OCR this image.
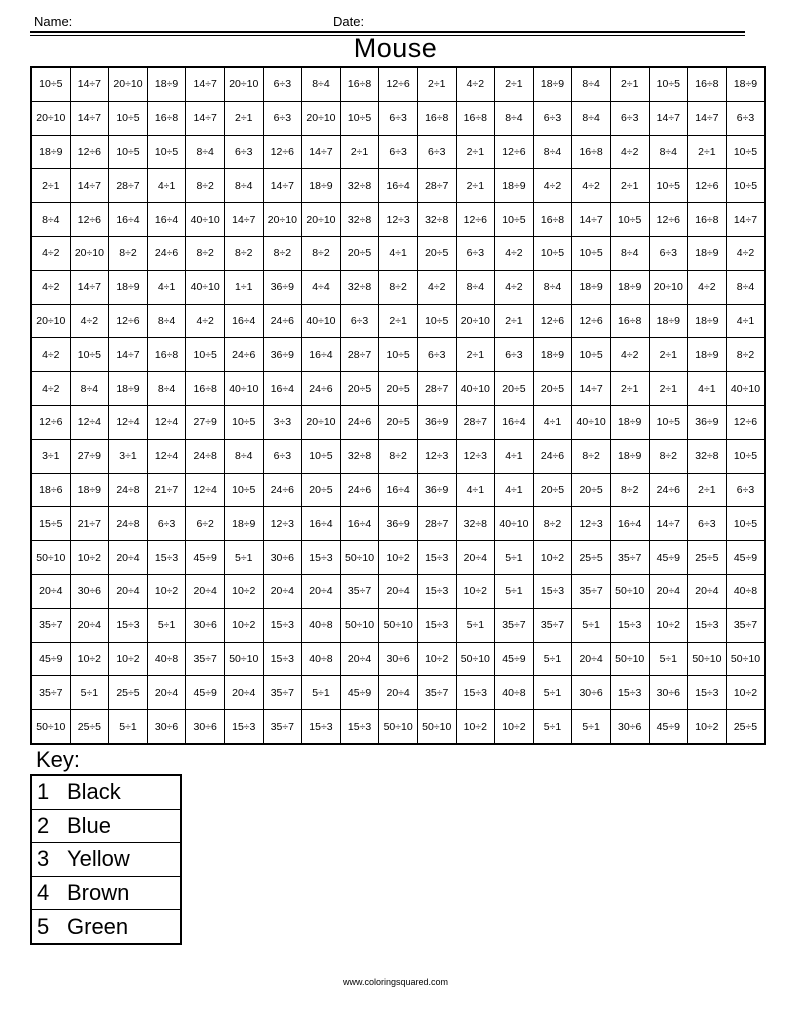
Name:	Date:
Mouse
10÷5	14÷7	20÷10	18÷9	14÷7	20÷10	6÷3	8÷4	16÷8	12÷6	2÷1	4÷2	2÷1	18÷9	8÷4	2÷1	10÷5	16÷8	18÷9
20÷10	14÷7	10÷5	16÷8	14÷7	2÷1	6÷3	20÷10	10÷5	6÷3	16÷8	16÷8	8÷4	6÷3	8÷4	6÷3	14÷7	14÷7	6÷3
18÷9	12÷6	10÷5	10÷5	8÷4	6÷3	12÷6	14÷7	2÷1	6÷3	6÷3	2÷1	12÷6	8÷4	16÷8	4÷2	8÷4	2÷1	10÷5
2÷1	14÷7	28÷7	4÷1	8÷2	8÷4	14÷7	18÷9	32÷8	16÷4	28÷7	2÷1	18÷9	4÷2	4÷2	2÷1	10÷5	12÷6	10÷5
8÷4	12÷6	16÷4	16÷4	40÷10	14÷7	20÷10	20÷10	32÷8	12÷3	32÷8	12÷6	10÷5	16÷8	14÷7	10÷5	12÷6	16÷8	14÷7
4÷2	20÷10	8÷2	24÷6	8÷2	8÷2	8÷2	8÷2	20÷5	4÷1	20÷5	6÷3	4÷2	10÷5	10÷5	8÷4	6÷3	18÷9	4÷2
4÷2	14÷7	18÷9	4÷1	40÷10	1÷1	36÷9	4÷4	32÷8	8÷2	4÷2	8÷4	4÷2	8÷4	18÷9	18÷9	20÷10	4÷2	8÷4
20÷10	4÷2	12÷6	8÷4	4÷2	16÷4	24÷6	40÷10	6÷3	2÷1	10÷5	20÷10	2÷1	12÷6	12÷6	16÷8	18÷9	18÷9	4÷1
4÷2	10÷5	14÷7	16÷8	10÷5	24÷6	36÷9	16÷4	28÷7	10÷5	6÷3	2÷1	6÷3	18÷9	10÷5	4÷2	2÷1	18÷9	8÷2
4÷2	8÷4	18÷9	8÷4	16÷8	40÷10	16÷4	24÷6	20÷5	20÷5	28÷7	40÷10	20÷5	20÷5	14÷7	2÷1	2÷1	4÷1	40÷10
12÷6	12÷4	12÷4	12÷4	27÷9	10÷5	3÷3	20÷10	24÷6	20÷5	36÷9	28÷7	16÷4	4÷1	40÷10	18÷9	10÷5	36÷9	12÷6
3÷1	27÷9	3÷1	12÷4	24÷8	8÷4	6÷3	10÷5	32÷8	8÷2	12÷3	12÷3	4÷1	24÷6	8÷2	18÷9	8÷2	32÷8	10÷5
18÷6	18÷9	24÷8	21÷7	12÷4	10÷5	24÷6	20÷5	24÷6	16÷4	36÷9	4÷1	4÷1	20÷5	20÷5	8÷2	24÷6	2÷1	6÷3
15÷5	21÷7	24÷8	6÷3	6÷2	18÷9	12÷3	16÷4	16÷4	36÷9	28÷7	32÷8	40÷10	8÷2	12÷3	16÷4	14÷7	6÷3	10÷5
50÷10	10÷2	20÷4	15÷3	45÷9	5÷1	30÷6	15÷3	50÷10	10÷2	15÷3	20÷4	5÷1	10÷2	25÷5	35÷7	45÷9	25÷5	45÷9
20÷4	30÷6	20÷4	10÷2	20÷4	10÷2	20÷4	20÷4	35÷7	20÷4	15÷3	10÷2	5÷1	15÷3	35÷7	50÷10	20÷4	20÷4	40÷8
35÷7	20÷4	15÷3	5÷1	30÷6	10÷2	15÷3	40÷8	50÷10	50÷10	15÷3	5÷1	35÷7	35÷7	5÷1	15÷3	10÷2	15÷3	35÷7
45÷9	10÷2	10÷2	40÷8	35÷7	50÷10	15÷3	40÷8	20÷4	30÷6	10÷2	50÷10	45÷9	5÷1	20÷4	50÷10	5÷1	50÷10	50÷10
35÷7	5÷1	25÷5	20÷4	45÷9	20÷4	35÷7	5÷1	45÷9	20÷4	35÷7	15÷3	40÷8	5÷1	30÷6	15÷3	30÷6	15÷3	10÷2
50÷10	25÷5	5÷1	30÷6	30÷6	15÷3	35÷7	15÷3	15÷3	50÷10	50÷10	10÷2	10÷2	5÷1	5÷1	30÷6	45÷9	10÷2	25÷5
Key:
1	Black
2	Blue
3	Yellow
4	Brown
5	Green
www.coloringsquared.com
